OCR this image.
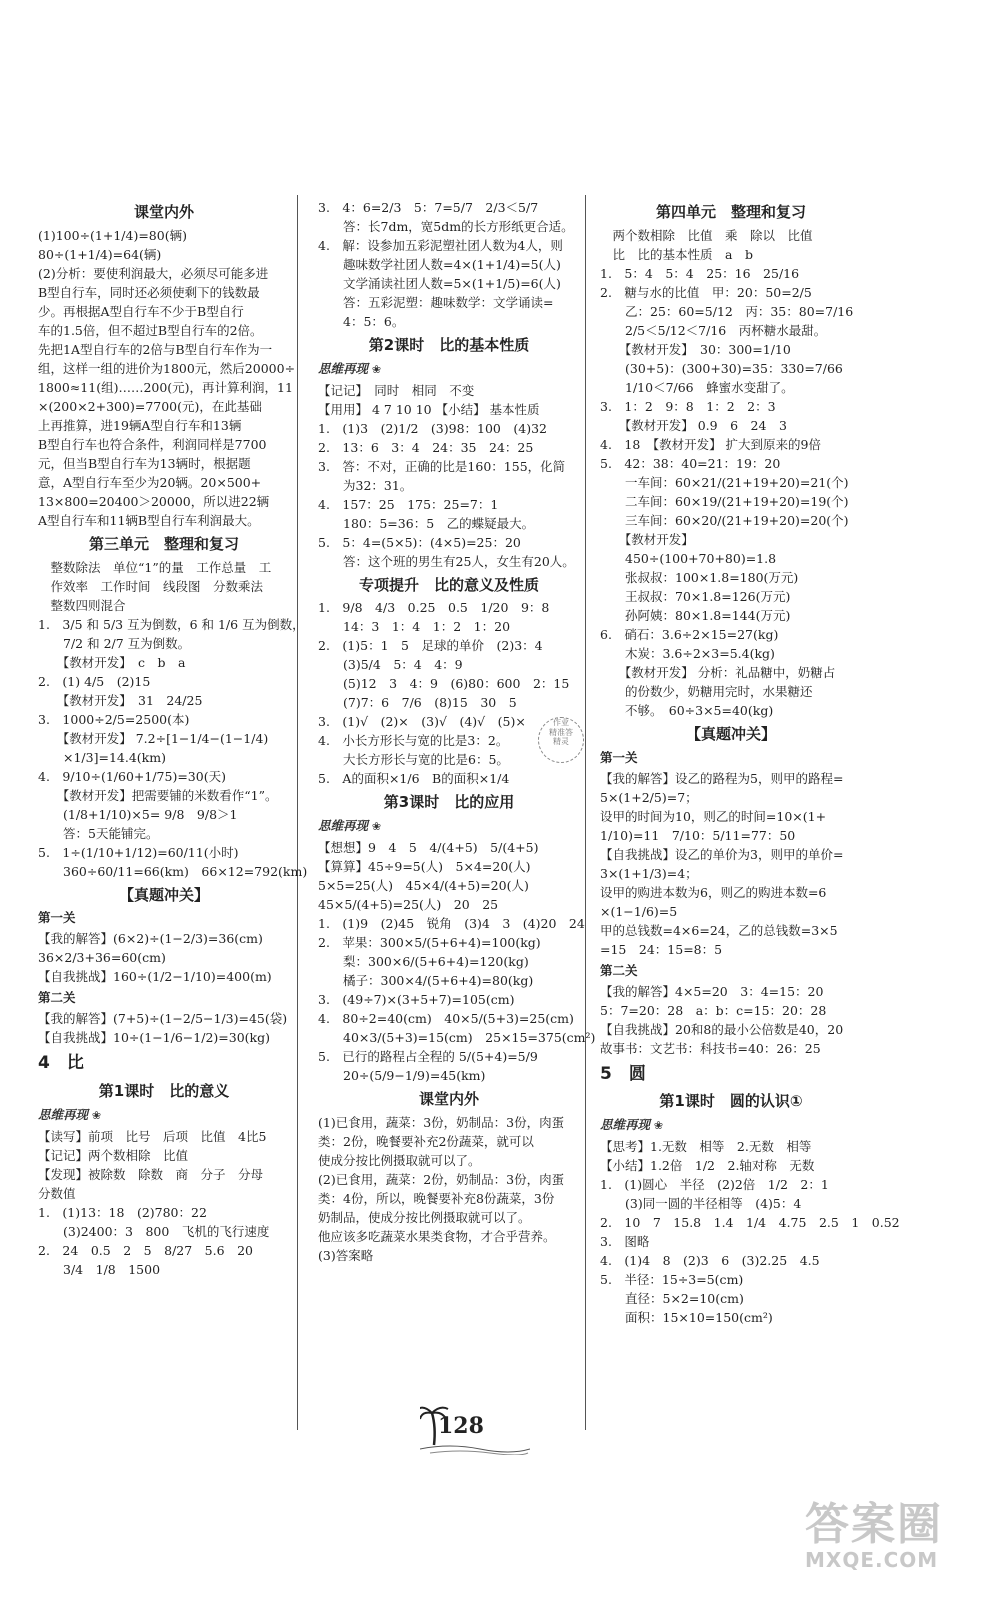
课堂内外
(1)100÷(1+1/4)=80(辆)
80÷(1+1/4)=64(辆)
(2)分析：要使利润最大，必须尽可能多进
B型自行车，同时还必须使剩下的钱数最
少。再根据A型自行车不少于B型自行
车的1.5倍，但不超过B型自行车的2倍。
先把1A型自行车的2倍与B型自行车作为一
组，这样一组的进价为1800元，然后20000÷
1800≈11(组)……200(元)，再计算利润，11
×(200×2+300)=7700(元)，在此基础
上再推算，进19辆A型自行车和13辆
B型自行车也符合条件，利润同样是7700
元，但当B型自行车为13辆时，根据题
意，A型自行车至少为20辆。20×500+
13×800=20400＞20000，所以进22辆
A型自行车和11辆B型自行车利润最大。
第三单元　整理和复习
　整数除法　单位“1”的量　工作总量　工
　作效率　工作时间　线段图　分数乘法
　整数四则混合
1.　3/5 和 5/3 互为倒数，6 和 1/6 互为倒数，
　　7/2 和 2/7 互为倒数。
　　【教材开发】　c　b　a
2.　(1) 4/5　(2)15
　　【教材开发】　31　24/25
3.　1000÷2/5=2500(本)
　　【教材开发】 7.2÷[1−1/4−(1−1/4)
　　×1/3]=14.4(km)
4.　9/10÷(1/60+1/75)=30(天)
　　【教材开发】把需要铺的米数看作“1”。
　　(1/8+1/10)×5= 9/8　9/8＞1
　　答：5天能铺完。
5.　1÷(1/10+1/12)=60/11(小时)
　　360÷60/11=66(km)　66×12=792(km)
【真题冲关】
第一关
【我的解答】(6×2)÷(1−2/3)=36(cm)
36×2/3+36=60(cm)
【自我挑战】160÷(1/2−1/10)=400(m)
第二关
【我的解答】(7+5)÷(1−2/5−1/3)=45(袋)
【自我挑战】10÷(1−1/6−1/2)=30(kg)
4　比
第1课时　比的意义
思维再现 ❀
【读写】前项　比号　后项　比值　4比5
【记记】两个数相除　比值
【发现】被除数　除数　商　分子　分母
分数值
1.　(1)13：18　(2)780：22
　　(3)2400：3　800　飞机的飞行速度
2.　24　0.5　2　5　8/27　5.6　20
　　3/4　1/8　1500
3.　4：6=2/3　5：7=5/7　2/3＜5/7
　　答：长7dm，宽5dm的长方形纸更合适。
4.　解：设参加五彩泥塑社团人数为4人，则
　　趣味数学社团人数=4×(1+1/4)=5(人)
　　文学涌读社团人数=5×(1+1/5)=6(人)
　　答：五彩泥塑：趣味数学：文学诵读=
　　4：5：6。
第2课时　比的基本性质
思维再现 ❀
【记记】　同时　相同　不变
【用用】 4 7 10 10 【小结】 基本性质
1.　(1)3　(2)1/2　(3)98：100　(4)32
2.　13：6　3：4　24：35　24：25
3.　答：不对，正确的比是160：155，化简
　　为32：31。
4.　157：25　175：25=7：1
　　180：5=36：5　乙的蝶疑最大。
5.　5：4=(5×5)：(4×5)=25：20
　　答：这个班的男生有25人，女生有20人。
专项提升　比的意义及性质
1.　9/8　4/3　0.25　0.5　1/20　9：8
　　14：3　1：4　1：2　1：20
2.　(1)5：1　5　足球的单价　(2)3：4
　　(3)5/4　5：4　4：9
　　(5)12　3　4：9　(6)80：600　2：15
　　(7)7：6　7/6　(8)15　30　5
3.　(1)√　(2)×　(3)√　(4)√　(5)×
4.　小长方形长与宽的比是3：2。
　　大长方形长与宽的比是6：5。
5.　A的面积×1/6　B的面积×1/4
第3课时　比的应用
思维再现 ❀
【想想】9　4　5　4/(4+5)　5/(4+5)
【算算】45÷9=5(人)　5×4=20(人)
5×5=25(人)　45×4/(4+5)=20(人)
45×5/(4+5)=25(人)　20　25
1.　(1)9　(2)45　锐角　(3)4　3　(4)20　24
2.　苹果：300×5/(5+6+4)=100(kg)
　　梨：300×6/(5+6+4)=120(kg)
　　橘子：300×4/(5+6+4)=80(kg)
3.　(49÷7)×(3+5+7)=105(cm)
4.　80÷2=40(cm)　40×5/(5+3)=25(cm)
　　40×3/(5+3)=15(cm)　25×15=375(cm²)
5.　已行的路程占全程的 5/(5+4)=5/9
　　20÷(5/9−1/9)=45(km)
课堂内外
(1)已食用，蔬菜：3份，奶制品：3份，肉蛋
类：2份，晚餐要补充2份蔬菜，就可以
使成分按比例摄取就可以了。
(2)已食用，蔬菜：2份，奶制品：3份，肉蛋
类：4份，所以，晚餐要补充8份蔬菜，3份
奶制品，使成分按比例摄取就可以了。
他应该多吃蔬菜水果类食物，才合乎营养。
(3)答案略
第四单元　整理和复习
　两个数相除　比值　乘　除以　比值
　比　比的基本性质　a　b
1.　5：4　5：4　25：16　25/16
2.　糖与水的比值　甲：20：50=2/5
　　乙：25：60=5/12　丙：35：80=7/16
　　2/5＜5/12＜7/16　丙杯糖水最甜。
　　【教材开发】　30：300=1/10
　　(30+5)：(300+30)=35：330=7/66
　　1/10＜7/66　蜂蜜水变甜了。
3.　1：2　9：8　1：2　2：3
　　【教材开发】 0.9　6　24　3
4.　18　【教材开发】 扩大到原来的9倍
5.　42：38：40=21：19：20
　　一车间：60×21/(21+19+20)=21(个)
　　二车间：60×19/(21+19+20)=19(个)
　　三车间：60×20/(21+19+20)=20(个)
　　【教材开发】
　　450÷(100+70+80)=1.8
　　张叔叔：100×1.8=180(万元)
　　王叔叔：70×1.8=126(万元)
　　孙阿姨：80×1.8=144(万元)
6.　硝石：3.6÷2×15=27(kg)
　　木炭：3.6÷2×3=5.4(kg)
　　【教材开发】 分析：礼品糖中，奶糖占
　　的份数少，奶糖用完时，水果糖还
　　不够。　60÷3×5=40(kg)
【真题冲关】
第一关
【我的解答】设乙的路程为5，则甲的路程=
5×(1+2/5)=7；
设甲的时间为10，则乙的时间=10×(1+
1/10)=11　7/10：5/11=77：50
【自我挑战】设乙的单价为3，则甲的单价=
3×(1+1/3)=4；
设甲的购进本数为6，则乙的购进本数=6
×(1−1/6)=5
甲的总钱数=4×6=24，乙的总钱数=3×5
=15　24：15=8：5
第二关
【我的解答】4×5=20　3：4=15：20
5：7=20：28　a：b：c=15：20：28
【自我挑战】20和8的最小公倍数是40，20
故事书：文艺书：科技书=40：26：25
5　圆
第1课时　圆的认识①
思维再现 ❀
【思考】1.无数　相等　2.无数　相等
【小结】1.2倍　1/2　2.轴对称　无数
1.　(1)圆心　半径　(2)2倍　1/2　2：1
　　(3)同一圆的半径相等　(4)5：4
2.　10　7　15.8　1.4　1/4　4.75　2.5　1　0.52
3.　图略
4.　(1)4　8　(2)3　6　(3)2.25　4.5
5.　半径：15÷3=5(cm)
　　直径：5×2=10(cm)
　　面积：15×10=150(cm²)
作业
精准答
精灵
128
答案圈
MXQE.COM
